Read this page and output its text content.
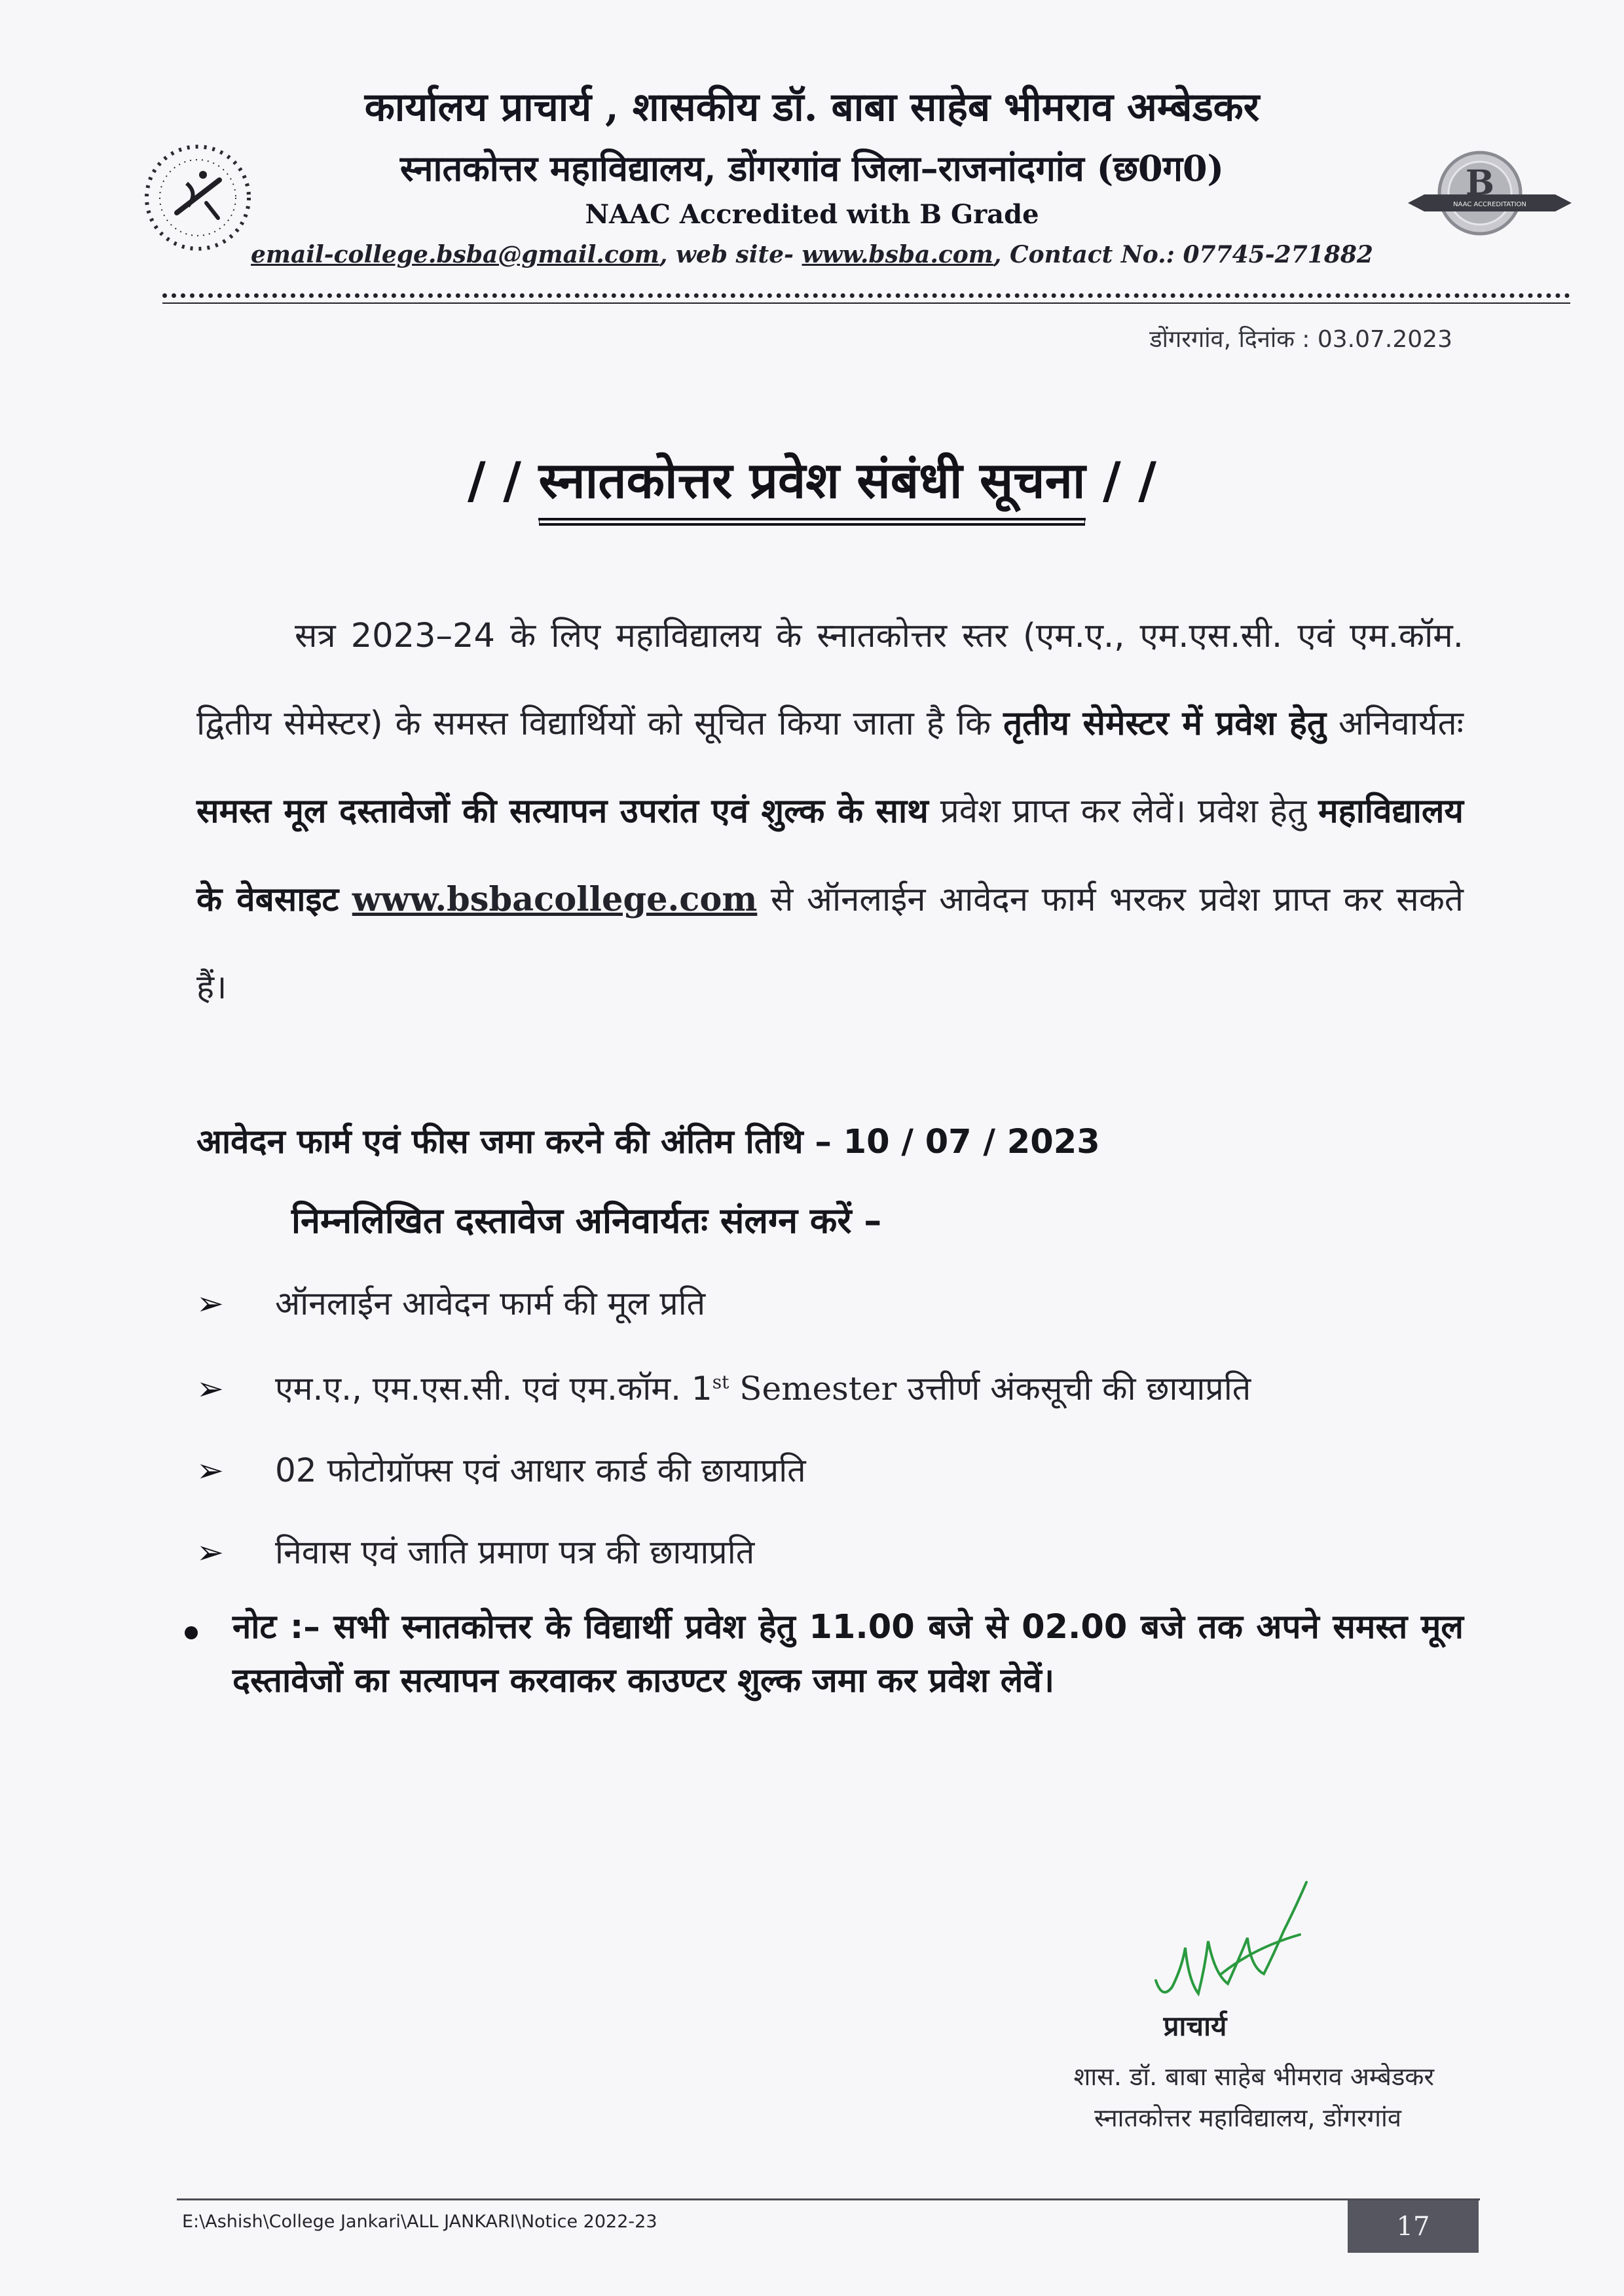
कार्यालय प्राचार्य , शासकीय डॉ. बाबा साहेब भीमराव अम्बेडकर
स्नातकोत्तर महाविद्यालय, डोंगरगांव जिला–राजनांदगांव (छ0ग0)
NAAC Accredited with B Grade
B
NAAC ACCREDITATION
email-college.bsba@gmail.com, web site- www.bsba.com, Contact No.: 07745-271882
डोंगरगांव, दिनांक : 03.07.2023
/ / स्नातकोत्तर प्रवेश संबंधी सूचना / /
सत्र 2023–24 के लिए महाविद्यालय के स्नातकोत्तर स्तर (एम.ए., एम.एस.सी. एवं एम.कॉम. द्वितीय सेमेस्टर) के समस्त विद्यार्थियों को सूचित किया जाता है कि तृतीय सेमेस्टर में प्रवेश हेतु अनिवार्यतः समस्त मूल दस्तावेजों की सत्यापन उपरांत एवं शुल्क के साथ प्रवेश प्राप्त कर लेवें। प्रवेश हेतु महाविद्यालय के वेबसाइट www.bsbacollege.com से ऑनलाईन आवेदन फार्म भरकर प्रवेश प्राप्त कर सकते हैं।
आवेदन फार्म एवं फीस जमा करने की अंतिम तिथि – 10 / 07 / 2023
निम्नलिखित दस्तावेज अनिवार्यतः संलग्न करें –
➢ ऑनलाईन आवेदन फार्म की मूल प्रति
➢ एम.ए., एम.एस.सी. एवं एम.कॉम. 1st Semester उत्तीर्ण अंकसूची की छायाप्रति
➢ 02 फोटोग्रॉफ्स एवं आधार कार्ड की छायाप्रति
➢ निवास एवं जाति प्रमाण पत्र की छायाप्रति
नोट :– सभी स्नातकोत्तर के विद्यार्थी प्रवेश हेतु 11.00 बजे से 02.00 बजे तक अपने समस्त मूल दस्तावेजों का सत्यापन करवाकर काउण्टर शुल्क जमा कर प्रवेश लेवें।
प्राचार्य
शास. डॉ. बाबा साहेब भीमराव अम्बेडकर
स्नातकोत्तर महाविद्यालय, डोंगरगांव
E:\Ashish\College Jankari\ALL JANKARI\Notice 2022-23	17
